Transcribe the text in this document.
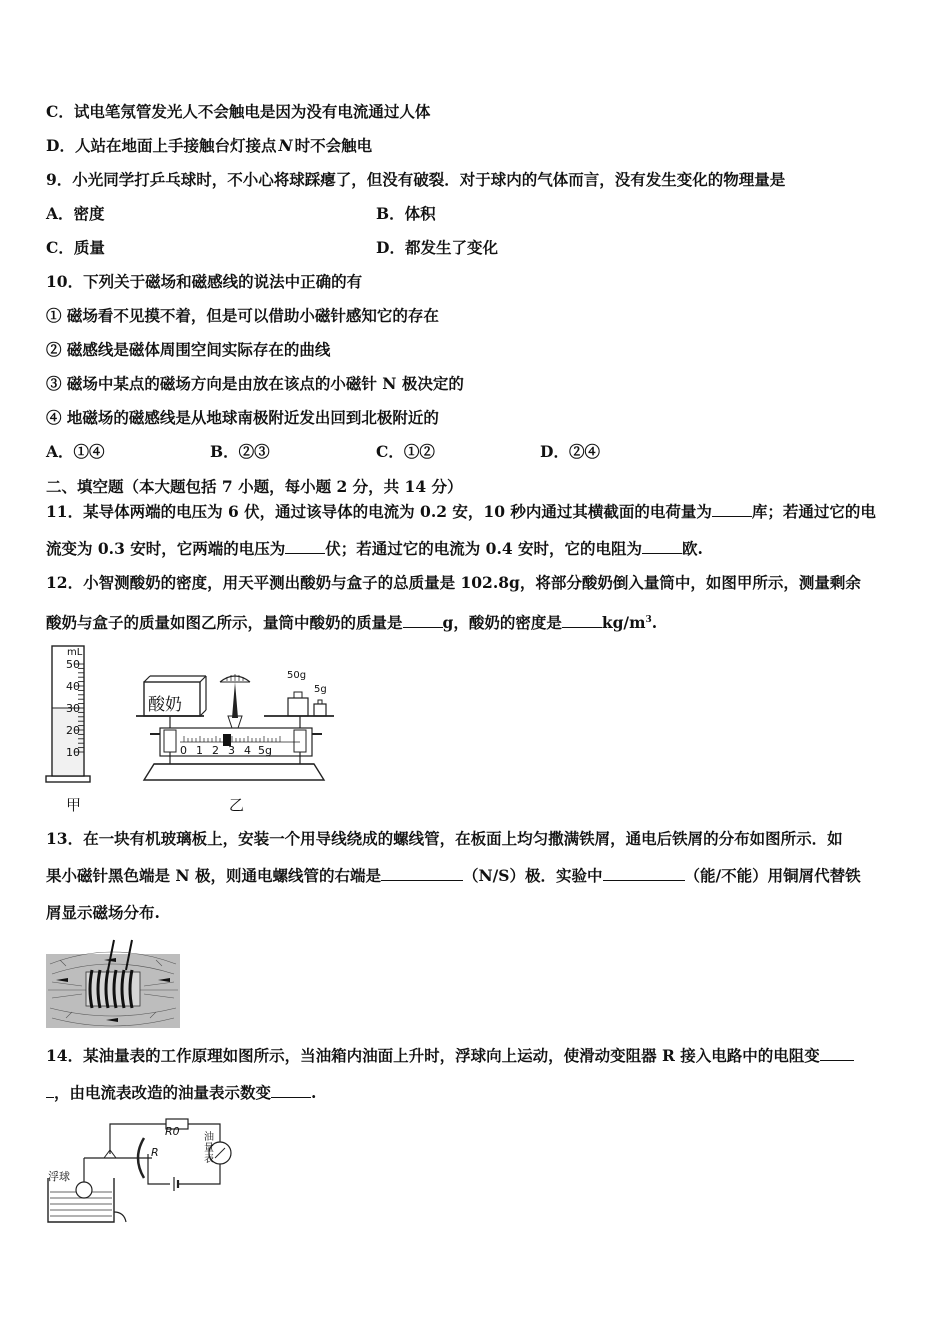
C．试电笔氖管发光人不会触电是因为没有电流通过人体
D．人站在地面上手接触台灯接点 N 时不会触电
9．小光同学打乒乓球时，不小心将球踩瘪了，但没有破裂．对于球内的气体而言，没有发生变化的物理量是
A．密度	B．体积
C．质量	D．都发生了变化
10．下列关于磁场和磁感线的说法中正确的有
① 磁场看不见摸不着，但是可以借助小磁针感知它的存在
② 磁感线是磁体周围空间实际存在的曲线
③ 磁场中某点的磁场方向是由放在该点的小磁针 N 极决定的
④ 地磁场的磁感线是从地球南极附近发出回到北极附近的
A．①④	B．②③	C．①②	D．②④
二、填空题（本大题包括 7 小题，每小题 2 分，共 14 分）
11．某导体两端的电压为 6 伏，通过该导体的电流为 0.2 安，10 秒内通过其横截面的电荷量为	库；若通过它的电
流变为 0.3 安时，它两端的电压为	伏；若通过它的电流为 0.4 安时，它的电阻为	欧.
12．小智测酸奶的密度，用天平测出酸奶与盒子的总质量是 102.8g，将部分酸奶倒入量筒中，如图甲所示，测量剩余
酸奶与盒子的质量如图乙所示，量筒中酸奶的质量是	g，酸奶的密度是	$kg/m^3$.
mL
50
40
30
20
10
甲
酸奶
50g
5g
0 1 2 3 4 5g
乙
13．在一块有机玻璃板上，安装一个用导线绕成的螺线管，在板面上均匀撒满铁屑，通电后铁屑的分布如图所示．如
果小磁针黑色端是 N 极，则通电螺线管的右端是	（N/S）极．实验中	（能/不能）用铜屑代替铁
屑显示磁场分布.
14．某油量表的工作原理如图所示，当油箱内油面上升时，浮球向上运动，使滑动变阻器 R 接入电路中的电阻变
，由电流表改造的油量表示数变	.
浮球
R0
R
油量表
